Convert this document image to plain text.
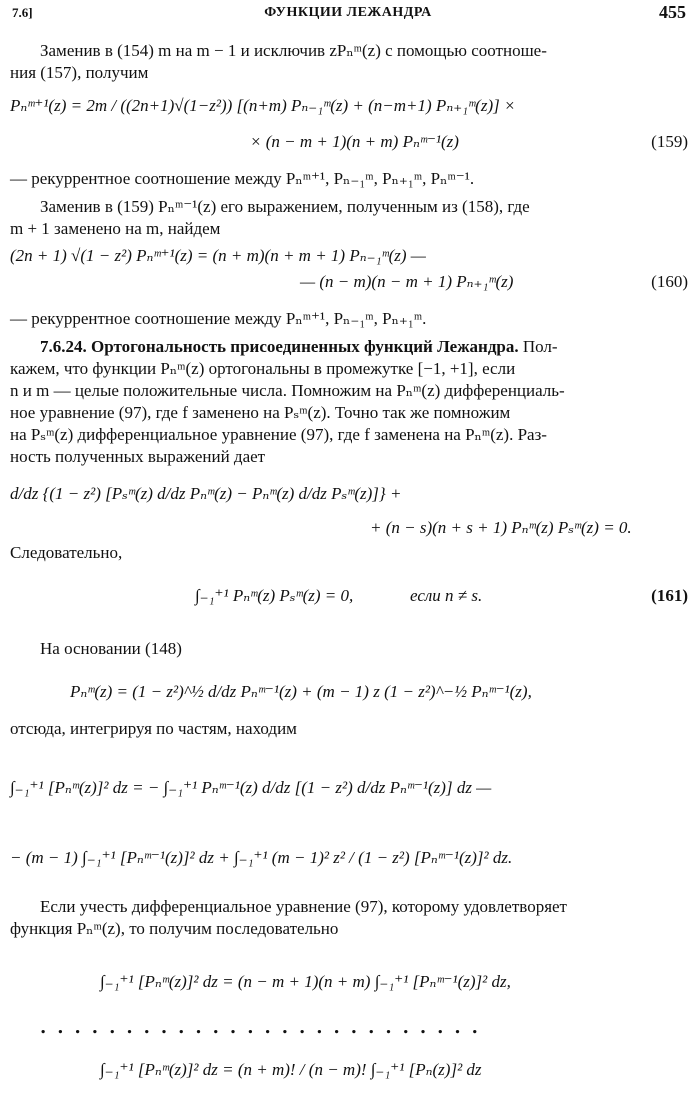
7.6]	ФУНКЦИИ ЛЕЖАНДРА	455
Заменив в (154) m на m − 1 и исключив zPₙᵐ(z) с помощью соотноше-
ния (157), получим
Pₙᵐ⁺¹(z) = 2m / ((2n+1)√(1−z²)) [(n+m) Pₙ₋₁ᵐ(z) + (n−m+1) Pₙ₊₁ᵐ(z)] ×
× (n − m + 1)(n + m) Pₙᵐ⁻¹(z)	(159)
— рекуррентное соотношение между Pₙᵐ⁺¹, Pₙ₋₁ᵐ, Pₙ₊₁ᵐ, Pₙᵐ⁻¹.
Заменив в (159) Pₙᵐ⁻¹(z) его выражением, полученным из (158), где
m + 1 заменено на m, найдем
(2n + 1) √(1 − z²) Pₙᵐ⁺¹(z) = (n + m)(n + m + 1) Pₙ₋₁ᵐ(z) —
— (n − m)(n − m + 1) Pₙ₊₁ᵐ(z)	(160)
— рекуррентное соотношение между Pₙᵐ⁺¹, Pₙ₋₁ᵐ, Pₙ₊₁ᵐ.
7.6.24. Ортогональность присоединенных функций Лежандра. Пол-
кажем, что функции Pₙᵐ(z) ортогональны в промежутке [−1, +1], если
n и m — целые положительные числа. Помножим на Pₙᵐ(z) дифференциаль-
ное уравнение (97), где f заменено на Pₛᵐ(z). Точно так же помножим
на Pₛᵐ(z) дифференциальное уравнение (97), где f заменена на Pₙᵐ(z). Раз-
ность полученных выражений дает
d/dz {(1 − z²) [Pₛᵐ(z) d/dz Pₙᵐ(z) − Pₙᵐ(z) d/dz Pₛᵐ(z)]} +
+ (n − s)(n + s + 1) Pₙᵐ(z) Pₛᵐ(z) = 0.
Следовательно,
∫₋₁⁺¹ Pₙᵐ(z) Pₛᵐ(z) = 0,	если n ≠ s.	(161)
На основании (148)
Pₙᵐ(z) = (1 − z²)^½ d/dz Pₙᵐ⁻¹(z) + (m − 1) z (1 − z²)^−½ Pₙᵐ⁻¹(z),
отсюда, интегрируя по частям, находим
∫₋₁⁺¹ [Pₙᵐ(z)]² dz = − ∫₋₁⁺¹ Pₙᵐ⁻¹(z) d/dz [(1 − z²) d/dz Pₙᵐ⁻¹(z)] dz —
− (m − 1) ∫₋₁⁺¹ [Pₙᵐ⁻¹(z)]² dz + ∫₋₁⁺¹ (m − 1)² z² / (1 − z²) [Pₙᵐ⁻¹(z)]² dz.
Если учесть дифференциальное уравнение (97), которому удовлетворяет
функция Pₙᵐ(z), то получим последовательно
∫₋₁⁺¹ [Pₙᵐ(z)]² dz = (n − m + 1)(n + m) ∫₋₁⁺¹ [Pₙᵐ⁻¹(z)]² dz,
..........................
∫₋₁⁺¹ [Pₙᵐ(z)]² dz = (n + m)! / (n − m)! ∫₋₁⁺¹ [Pₙ(z)]² dz
